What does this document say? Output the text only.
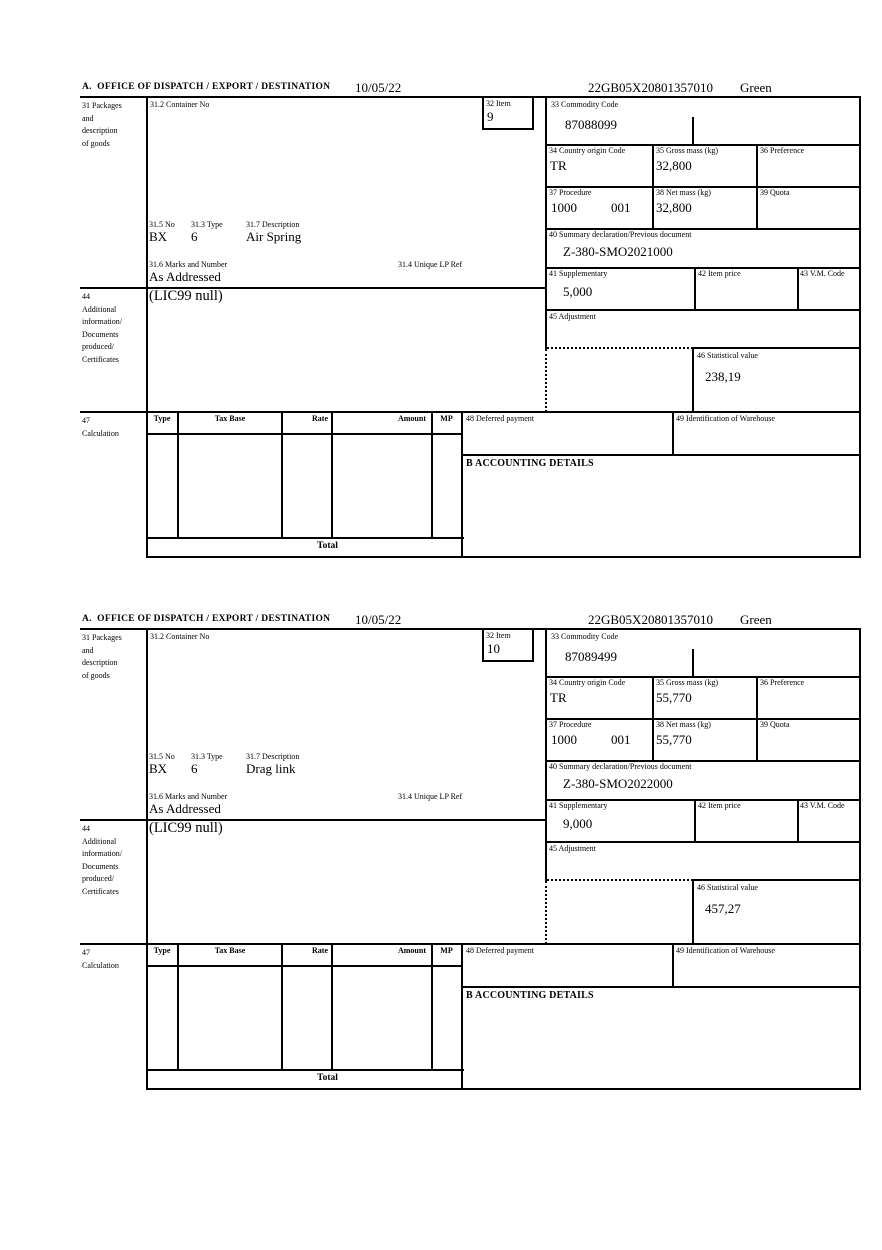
A.  OFFICE OF DISPATCH / EXPORT / DESTINATION 10/05/22	22GB05X20801357010 Green
31 Packages
and
description
of goods
31.2 Container No	32 Item
9
33 Commodity Code
87088099
34 Country origin Code
TR
35 Gross mass (kg)
32,800
36 Preference
37 Procedure
1000	001
38 Net mass (kg)
32,800
39 Quota
40 Summary declaration/Previous document
Z-380-SMO2021000
41 Supplementary
5,000
42 Item price	43 V.M. Code
45 Adjustment
46 Statistical value
238,19
31.5 No 31.3 Type	31.7 Description
BX 6	Air Spring
31.6 Marks and Number	31.4 Unique LP Ref
As Addressed
44
Additional
information/
Documents
produced/
Certificates
(LIC99 null)
47
Calculation
Type	Tax Base	Rate	Amount	MP	48 Deferred payment	49 Identification of Warehouse
B ACCOUNTING DETAILS
Total
A.  OFFICE OF DISPATCH / EXPORT / DESTINATION 10/05/22	22GB05X20801357010 Green
31 Packages
and
description
of goods
31.2 Container No	32 Item
10
33 Commodity Code
87089499
34 Country origin Code
TR
35 Gross mass (kg)
55,770
36 Preference
37 Procedure
1000	001
38 Net mass (kg)
55,770
39 Quota
40 Summary declaration/Previous document
Z-380-SMO2022000
41 Supplementary
9,000
42 Item price	43 V.M. Code
45 Adjustment
46 Statistical value
457,27
31.5 No 31.3 Type	31.7 Description
BX 6	Drag link
31.6 Marks and Number	31.4 Unique LP Ref
As Addressed
44
Additional
information/
Documents
produced/
Certificates
(LIC99 null)
47
Calculation
Type	Tax Base	Rate	Amount	MP	48 Deferred payment	49 Identification of Warehouse
B ACCOUNTING DETAILS
Total
